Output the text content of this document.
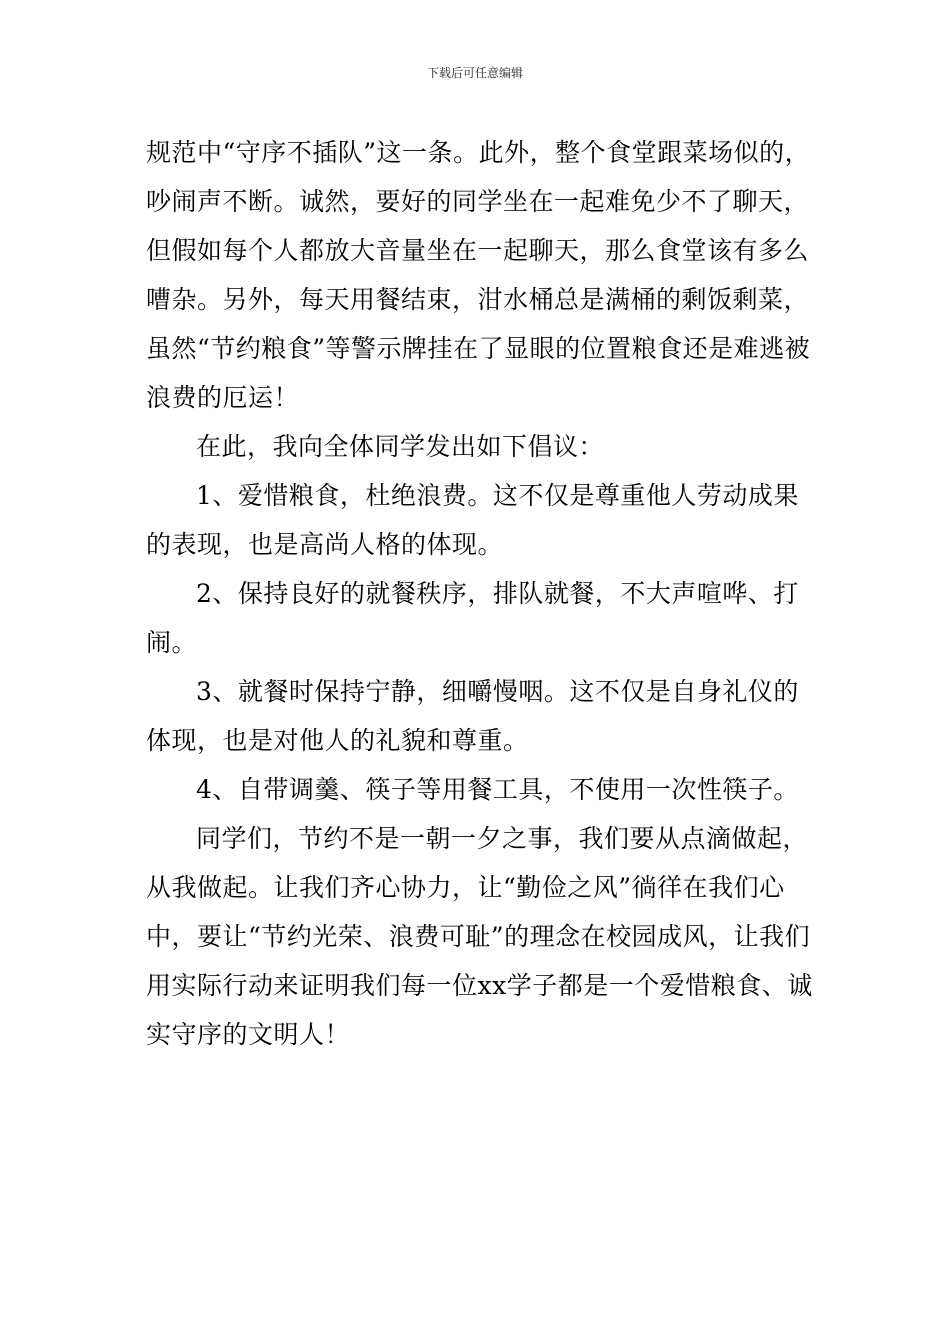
下载后可任意编辑

规范中“守序不插队”这一条。此外，整个食堂跟菜场似的，吵闹声不断。诚然，要好的同学坐在一起难免少不了聊天，但假如每个人都放大音量坐在一起聊天，那么食堂该有多么嘈杂。另外，每天用餐结束，泔水桶总是满桶的剩饭剩菜，虽然“节约粮食”等警示牌挂在了显眼的位置粮食还是难逃被浪费的厄运！

在此，我向全体同学发出如下倡议：

1、爱惜粮食，杜绝浪费。这不仅是尊重他人劳动成果的表现，也是高尚人格的体现。

2、保持良好的就餐秩序，排队就餐，不大声喧哗、打闹。

3、就餐时保持宁静，细嚼慢咽。这不仅是自身礼仪的体现，也是对他人的礼貌和尊重。

4、自带调羹、筷子等用餐工具，不使用一次性筷子。

同学们，节约不是一朝一夕之事，我们要从点滴做起，从我做起。让我们齐心协力，让“勤俭之风”徜徉在我们心中，要让“节约光荣、浪费可耻”的理念在校园成风，让我们用实际行动来证明我们每一位xx学子都是一个爱惜粮食、诚实守序的文明人！
